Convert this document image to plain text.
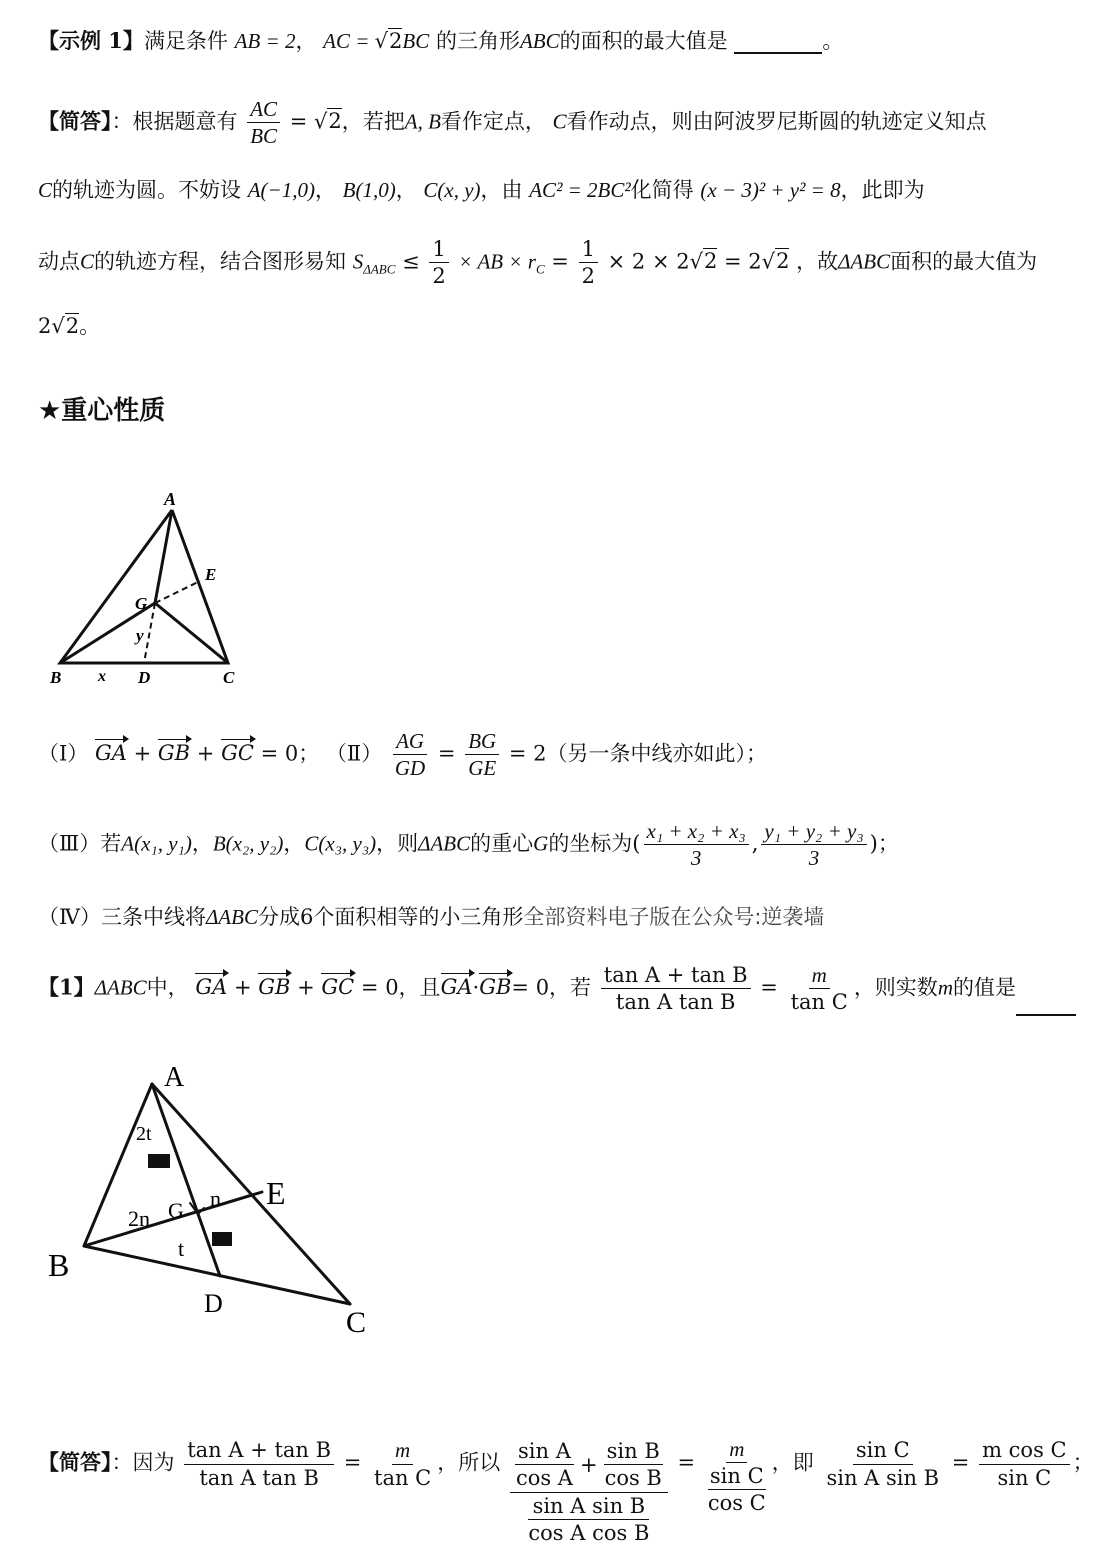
【示例 1】满足条件 AB = 2， AC = √2BC 的三角形ABC的面积的最大值是	。
【简答】：根据题意有 $\frac{AC}{BC} = √2$，若把A, B看作定点， C看作动点，则由阿波罗尼斯圆的轨迹定义知点
C的轨迹为圆。不妨设 A(−1,0)， B(1,0)， C(x, y)，由 AC² = 2BC²化简得 (x − 3)² + y² = 8，此即为
动点C的轨迹方程，结合图形易知 $S_{\Delta ABC} \le \frac{1}{2}$ × AB × $r_C = \frac{1}{2} \times 2 \times 2√2 = 2√2$ ，故ΔABC面积的最大值为
2√2。
★重心性质
A
E
G
y
B x D	C
（Ⅰ） GA + GB + GC = 0； （Ⅱ） $\frac{AG}{GD} = \frac{BG}{GE} = 2$（另一条中线亦如此）；
（Ⅲ）若A(x₁, y₁)，B(x₂, y₂)，C(x₃, y₃)，则ΔABC的重心G的坐标为( $\frac{\text{x₁ + x₂ + x₃}}{3}$ , $\frac{\text{y₁ + y₂ + y₃}}{3}$ )；
（Ⅳ）三条中线将ΔABC分成6个面积相等的小三角形全部资料电子版在公众号:逆袭墙
【1】ΔABC中， GA + GB + GC = 0，且GA·GB= 0，若 $\frac{\text{tan A + tan B}}{\text{tan A tan B}} = \frac{m}{\text{tan C}}$ ，则实数m的值是
A
2t
2n G n E
t
B
D
C
【简答】：因为 $\frac{\text{tan A + tan B}}{\text{tan A tan B}} = \frac{m}{\text{tan C}}$ ，所以 $\frac{\text{sin A}}{\text{cos A}} + \frac{\text{sin B}}{\text{cos B}}$
sin A sin B
cos A cos B = m
sin C
cos C ，即 $\frac{\text{sin C}}{\text{sin A sin B}} = \frac{\text{m cos C}}{\text{sin C}}$ ；
